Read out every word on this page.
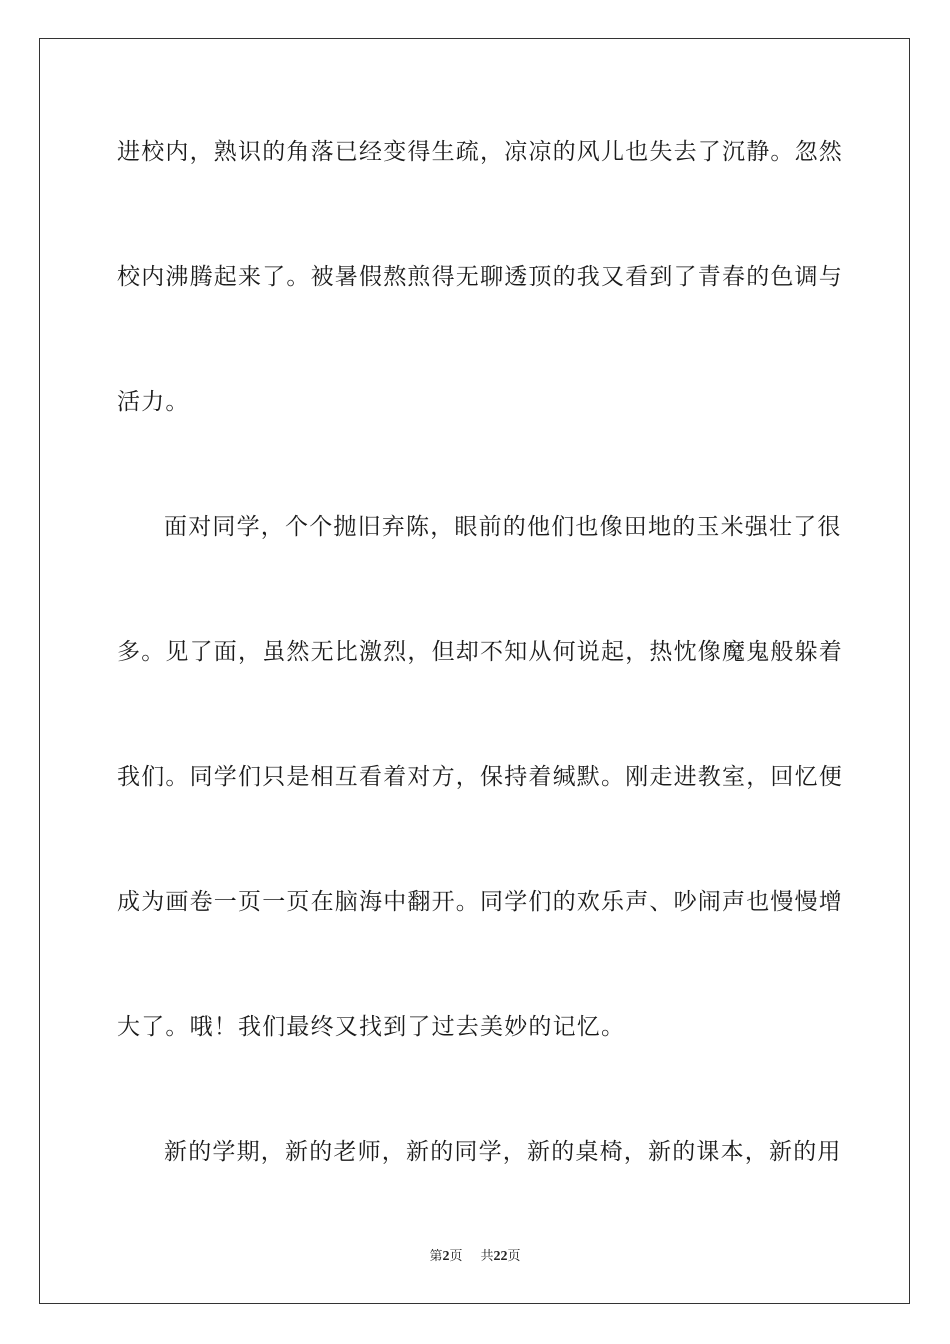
进校内，熟识的角落已经变得生疏，凉凉的风儿也失去了沉静。忽然
校内沸腾起来了。被暑假熬煎得无聊透顶的我又看到了青春的色调与
活力。
面对同学，个个抛旧弃陈，眼前的他们也像田地的玉米强壮了很
多。见了面，虽然无比激烈，但却不知从何说起，热忱像魔鬼般躲着
我们。同学们只是相互看着对方，保持着缄默。刚走进教室，回忆便
成为画卷一页一页在脑海中翻开。同学们的欢乐声、吵闹声也慢慢增
大了。哦！我们最终又找到了过去美妙的记忆。
新的学期，新的老师，新的同学，新的桌椅，新的课本，新的用
第2页 共22页
